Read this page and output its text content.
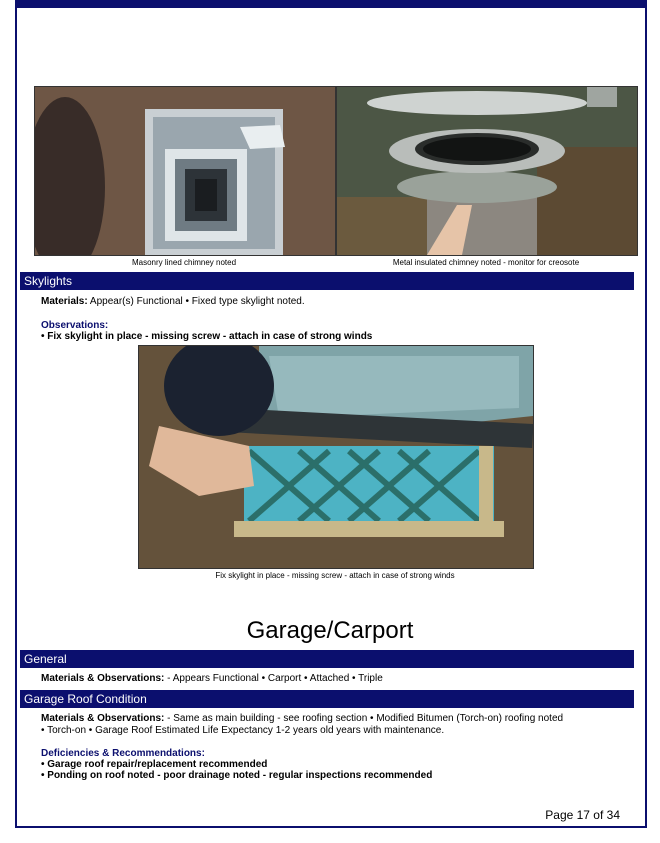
Masonry lined chimney noted	Metal insulated chimney noted - monitor for creosote
Skylights
Materials: Appear(s) Functional • Fixed type skylight noted.
Observations:
• Fix skylight in place - missing screw - attach in case of strong winds
Fix skylight in place - missing screw - attach in case of strong winds
Garage/Carport
General
Materials & Observations: - Appears Functional • Carport • Attached • Triple
Garage Roof Condition
Materials & Observations: - Same as main building - see roofing section • Modified Bitumen (Torch-on) roofing noted
• Torch-on • Garage Roof Estimated Life Expectancy 1-2 years old years with maintenance.
Deficiencies & Recommendations:
• Garage roof repair/replacement recommended
• Ponding on roof noted - poor drainage noted - regular inspections recommended
Page 17 of 34
